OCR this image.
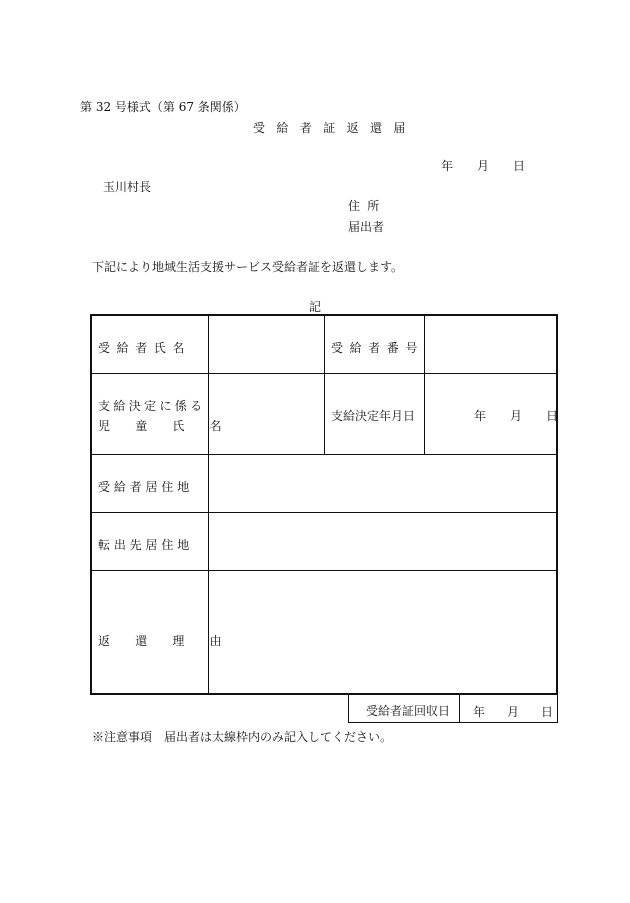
第 32 号様式（第 67 条関係）
受給者証返還届
年 月 日
玉川村長
住所
届出者
下記により地域生活支援サービス受給者証を返還します。
記
受給者氏名	受給者番号
支給決定に係る
児童氏名
支給決定年月日	年 月 日
受給者居住地
転出先居住地
返還理由
受給者証回収日 年 月 日
※注意事項　届出者は太線枠内のみ記入してください。
